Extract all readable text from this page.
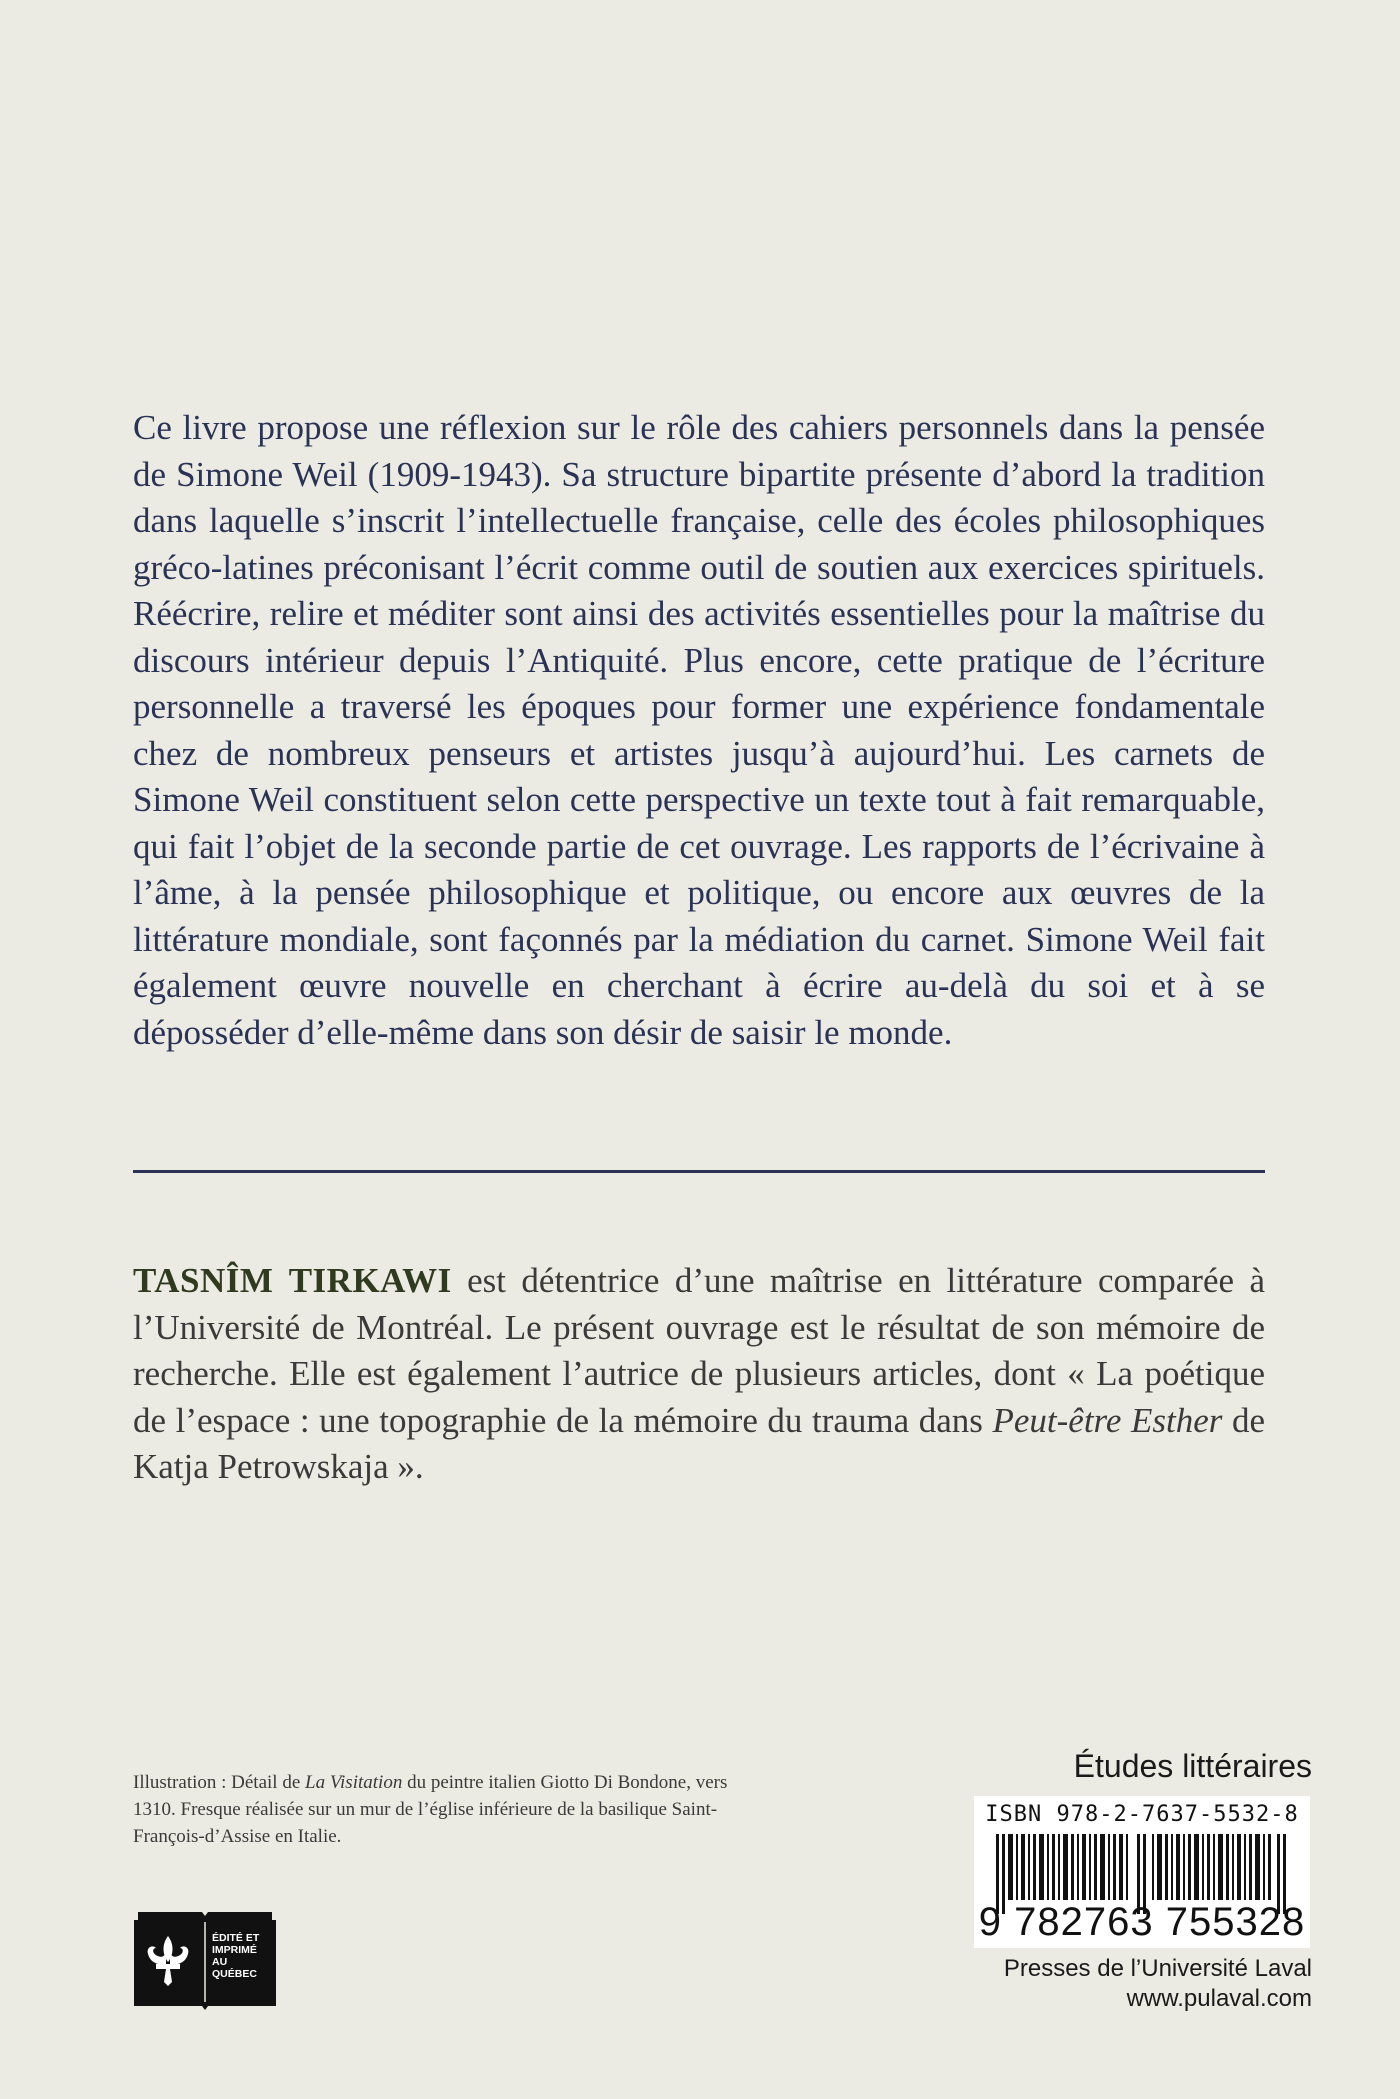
Ce livre propose une réflexion sur le rôle des cahiers personnels dans la pensée de Simone Weil (1909-1943). Sa structure bipartite présente d’abord la tradition dans laquelle s’inscrit l’intellectuelle française, celle des écoles philosophiques gréco-latines préconisant l’écrit comme outil de soutien aux exercices spirituels. Réécrire, relire et méditer sont ainsi des activités essentielles pour la maîtrise du discours intérieur depuis l’Antiquité. Plus encore, cette pratique de l’écriture personnelle a traversé les époques pour former une expérience fondamentale chez de nombreux penseurs et artistes jusqu’à aujourd’hui. Les carnets de Simone Weil constituent selon cette perspective un texte tout à fait remarquable, qui fait l’objet de la seconde partie de cet ouvrage. Les rapports de l’écrivaine à l’âme, à la pensée philosophique et politique, ou encore aux œuvres de la littérature mondiale, sont façonnés par la médiation du carnet. Simone Weil fait également œuvre nouvelle en cherchant à écrire au-delà du soi et à se déposséder d’elle-même dans son désir de saisir le monde.

TASNÎM TIRKAWI est détentrice d’une maîtrise en littérature comparée à l’Université de Montréal. Le présent ouvrage est le résultat de son mémoire de recherche. Elle est également l’autrice de plusieurs articles, dont « La poétique de l’espace : une topographie de la mémoire du trauma dans Peut-être Esther de Katja Petrowskaja ».

Illustration : Détail de La Visitation du peintre italien Giotto Di Bondone, vers 1310. Fresque réalisée sur un mur de l’église inférieure de la basilique Saint-François-d’Assise en Italie.

Études littéraires
ISBN 978-2-7637-5532-8
9 782763 755328
Presses de l’Université Laval
www.pulaval.com
ÉDITÉ ET IMPRIMÉ AU QUÉBEC
